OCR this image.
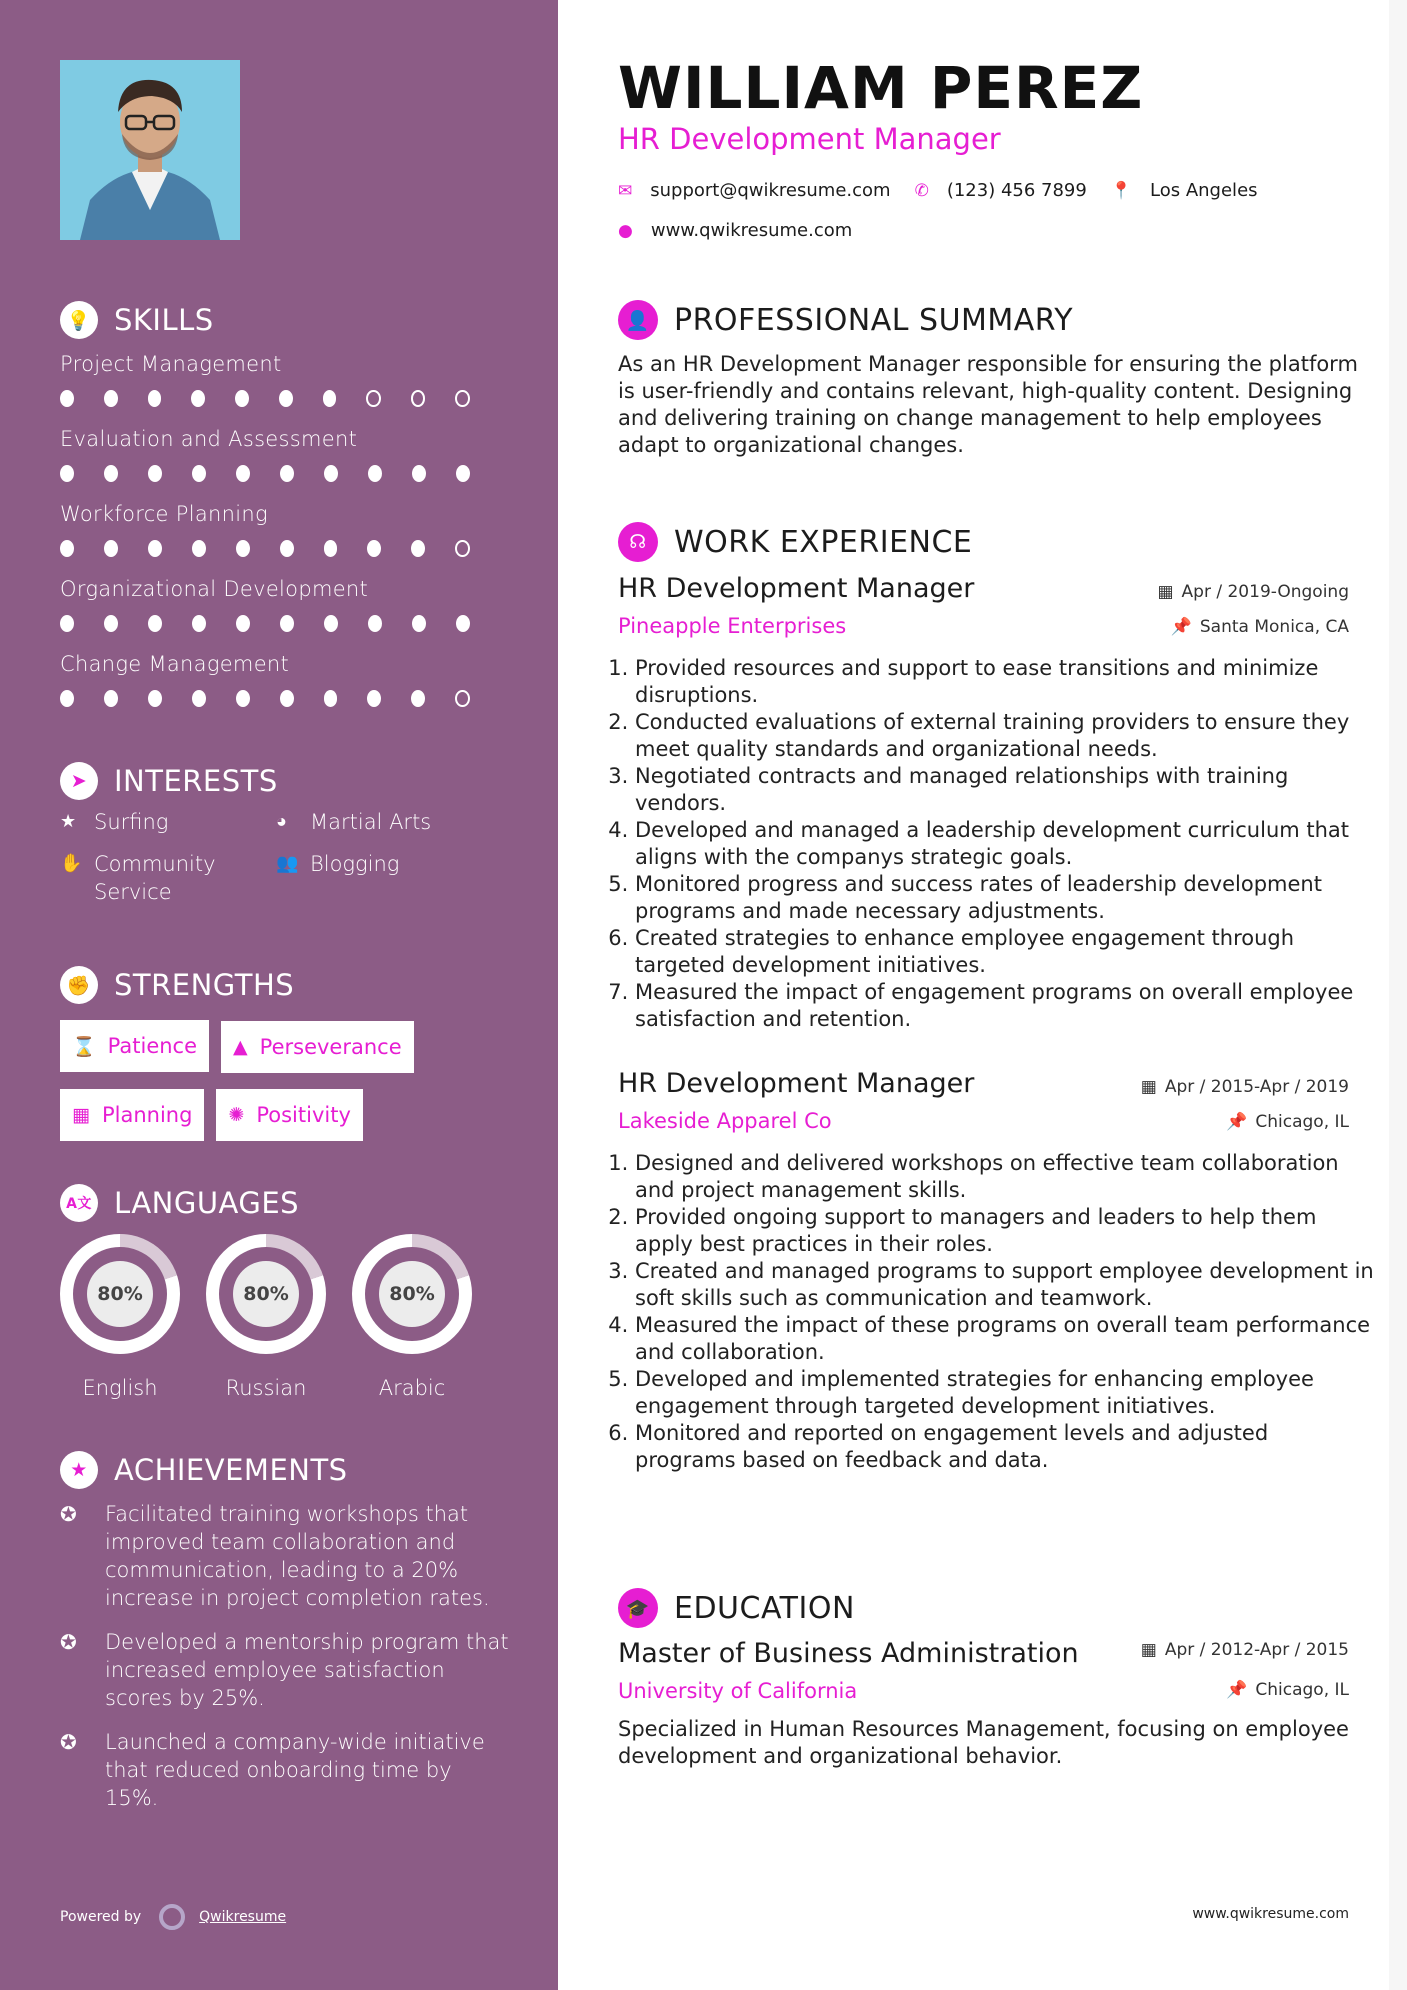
💡 SKILLS
Project Management
Evaluation and Assessment
Workforce Planning
Organizational Development
Change Management
➤ INTERESTS
★ Surfing	◕	Martial Arts
✋ Community Service
👥 Blogging
✊ STRENGTHS
⌛ Patience ▲ Perseverance

▦ Planning ✺ Positivity
A文 LANGUAGES
80%
English
80%
Russian
80%
Arabic
★ ACHIEVEMENTS
✪	Facilitated training workshops that improved team collaboration and communication, leading to a 20% increase in project completion rates.
✪	Developed a mentorship program that increased employee satisfaction scores by 25%.
✪	Launched a company-wide initiative that reduced onboarding time by 15%.
Powered by	Qwikresume
WILLIAM PEREZ
HR Development Manager
✉ support@qwikresume.com ✆ (123) 456 7899 📍 Los Angeles
● www.qwikresume.com
👤 PROFESSIONAL SUMMARY
As an HR Development Manager responsible for ensuring the platform is user-friendly and contains relevant, high-quality content. Designing and delivering training on change management to help employees adapt to organizational changes.
☊ WORK EXPERIENCE
HR Development Manager	▦ Apr / 2019-Ongoing
Pineapple Enterprises	📌 Santa Monica, CA
1. Provided resources and support to ease transitions and minimize disruptions.
2. Conducted evaluations of external training providers to ensure they meet quality standards and organizational needs.
3. Negotiated contracts and managed relationships with training vendors.
4. Developed and managed a leadership development curriculum that aligns with the companys strategic goals.
5. Monitored progress and success rates of leadership development programs and made necessary adjustments.
6. Created strategies to enhance employee engagement through targeted development initiatives.
7. Measured the impact of engagement programs on overall employee satisfaction and retention.
HR Development Manager	▦ Apr / 2015-Apr / 2019
Lakeside Apparel Co	📌 Chicago, IL
1. Designed and delivered workshops on effective team collaboration and project management skills.
2. Provided ongoing support to managers and leaders to help them apply best practices in their roles.
3. Created and managed programs to support employee development in soft skills such as communication and teamwork.
4. Measured the impact of these programs on overall team performance and collaboration.
5. Developed and implemented strategies for enhancing employee engagement through targeted development initiatives.
6. Monitored and reported on engagement levels and adjusted programs based on feedback and data.
🎓 EDUCATION
Master of Business Administration	▦ Apr / 2012-Apr / 2015
University of California	📌 Chicago, IL
Specialized in Human Resources Management, focusing on employee development and organizational behavior.
www.qwikresume.com
